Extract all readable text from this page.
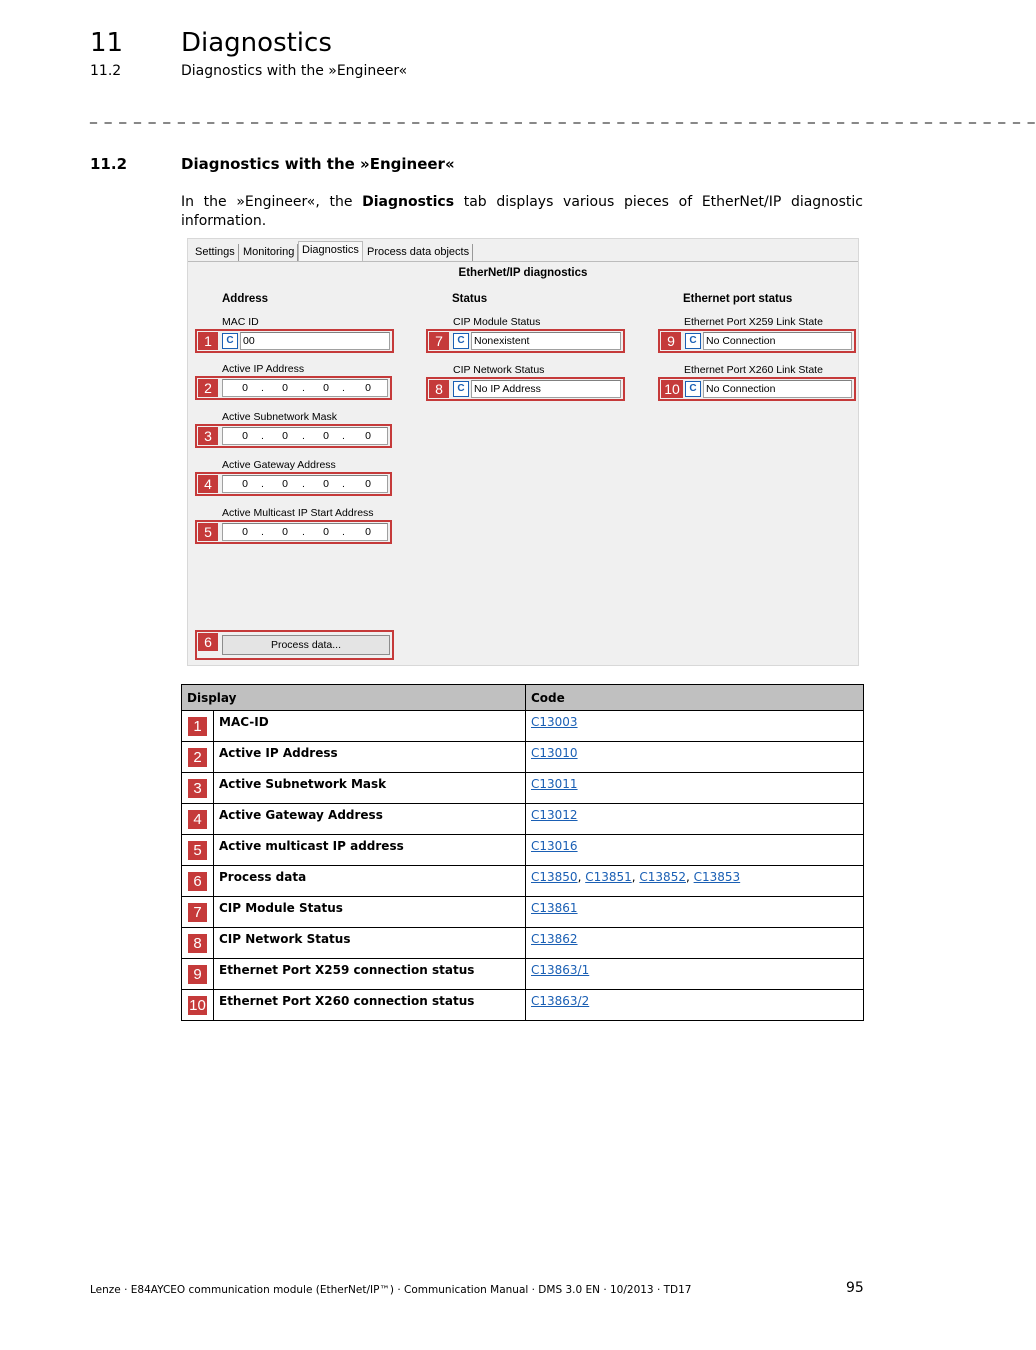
11 Diagnostics
11.2	Diagnostics with the »Engineer«
_ _ _ _ _ _ _ _ _ _ _ _ _ _ _ _ _ _ _ _ _ _ _ _ _ _ _ _ _ _ _ _ _ _ _ _ _ _ _ _ _ _ _ _ _ _ _ _ _ _ _ _ _ _ _ _ _ _ _ _ _ _ _ _ _
11.2	Diagnostics with the »Engineer«
In the »Engineer«, the Diagnostics tab displays various pieces of EtherNet/IP diagnostic information.
Settings Monitoring Diagnostics Process data objects
EtherNet/IP diagnostics
Address	Status	Ethernet port status
MAC ID
1	C 00
Active IP Address
2	0	.	0	.	0	.	0
Active Subnetwork Mask
3	0	.	0	.	0	.	0
Active Gateway Address
4	0	.	0	.	0	.	0
Active Multicast IP Start Address
5	0	.	0	.	0	.	0
6	Process data...
CIP Module Status
7	C Nonexistent
CIP Network Status
8	C No IP Address
Ethernet Port X259 Link State
9	C No Connection
Ethernet Port X260 Link State
10 C No Connection
Display		Code
1	MAC-ID	C13003
2	Active IP Address	C13010
3	Active Subnetwork Mask	C13011
4	Active Gateway Address	C13012
5	Active multicast IP address	C13016
6	Process data	C13850, C13851, C13852, C13853
7	CIP Module Status	C13861
8	CIP Network Status	C13862
9	Ethernet Port X259 connection status	C13863/1
10	Ethernet Port X260 connection status	C13863/2
Lenze · E84AYCEO communication module (EtherNet/IP™) · Communication Manual · DMS 3.0 EN · 10/2013 · TD17	95
